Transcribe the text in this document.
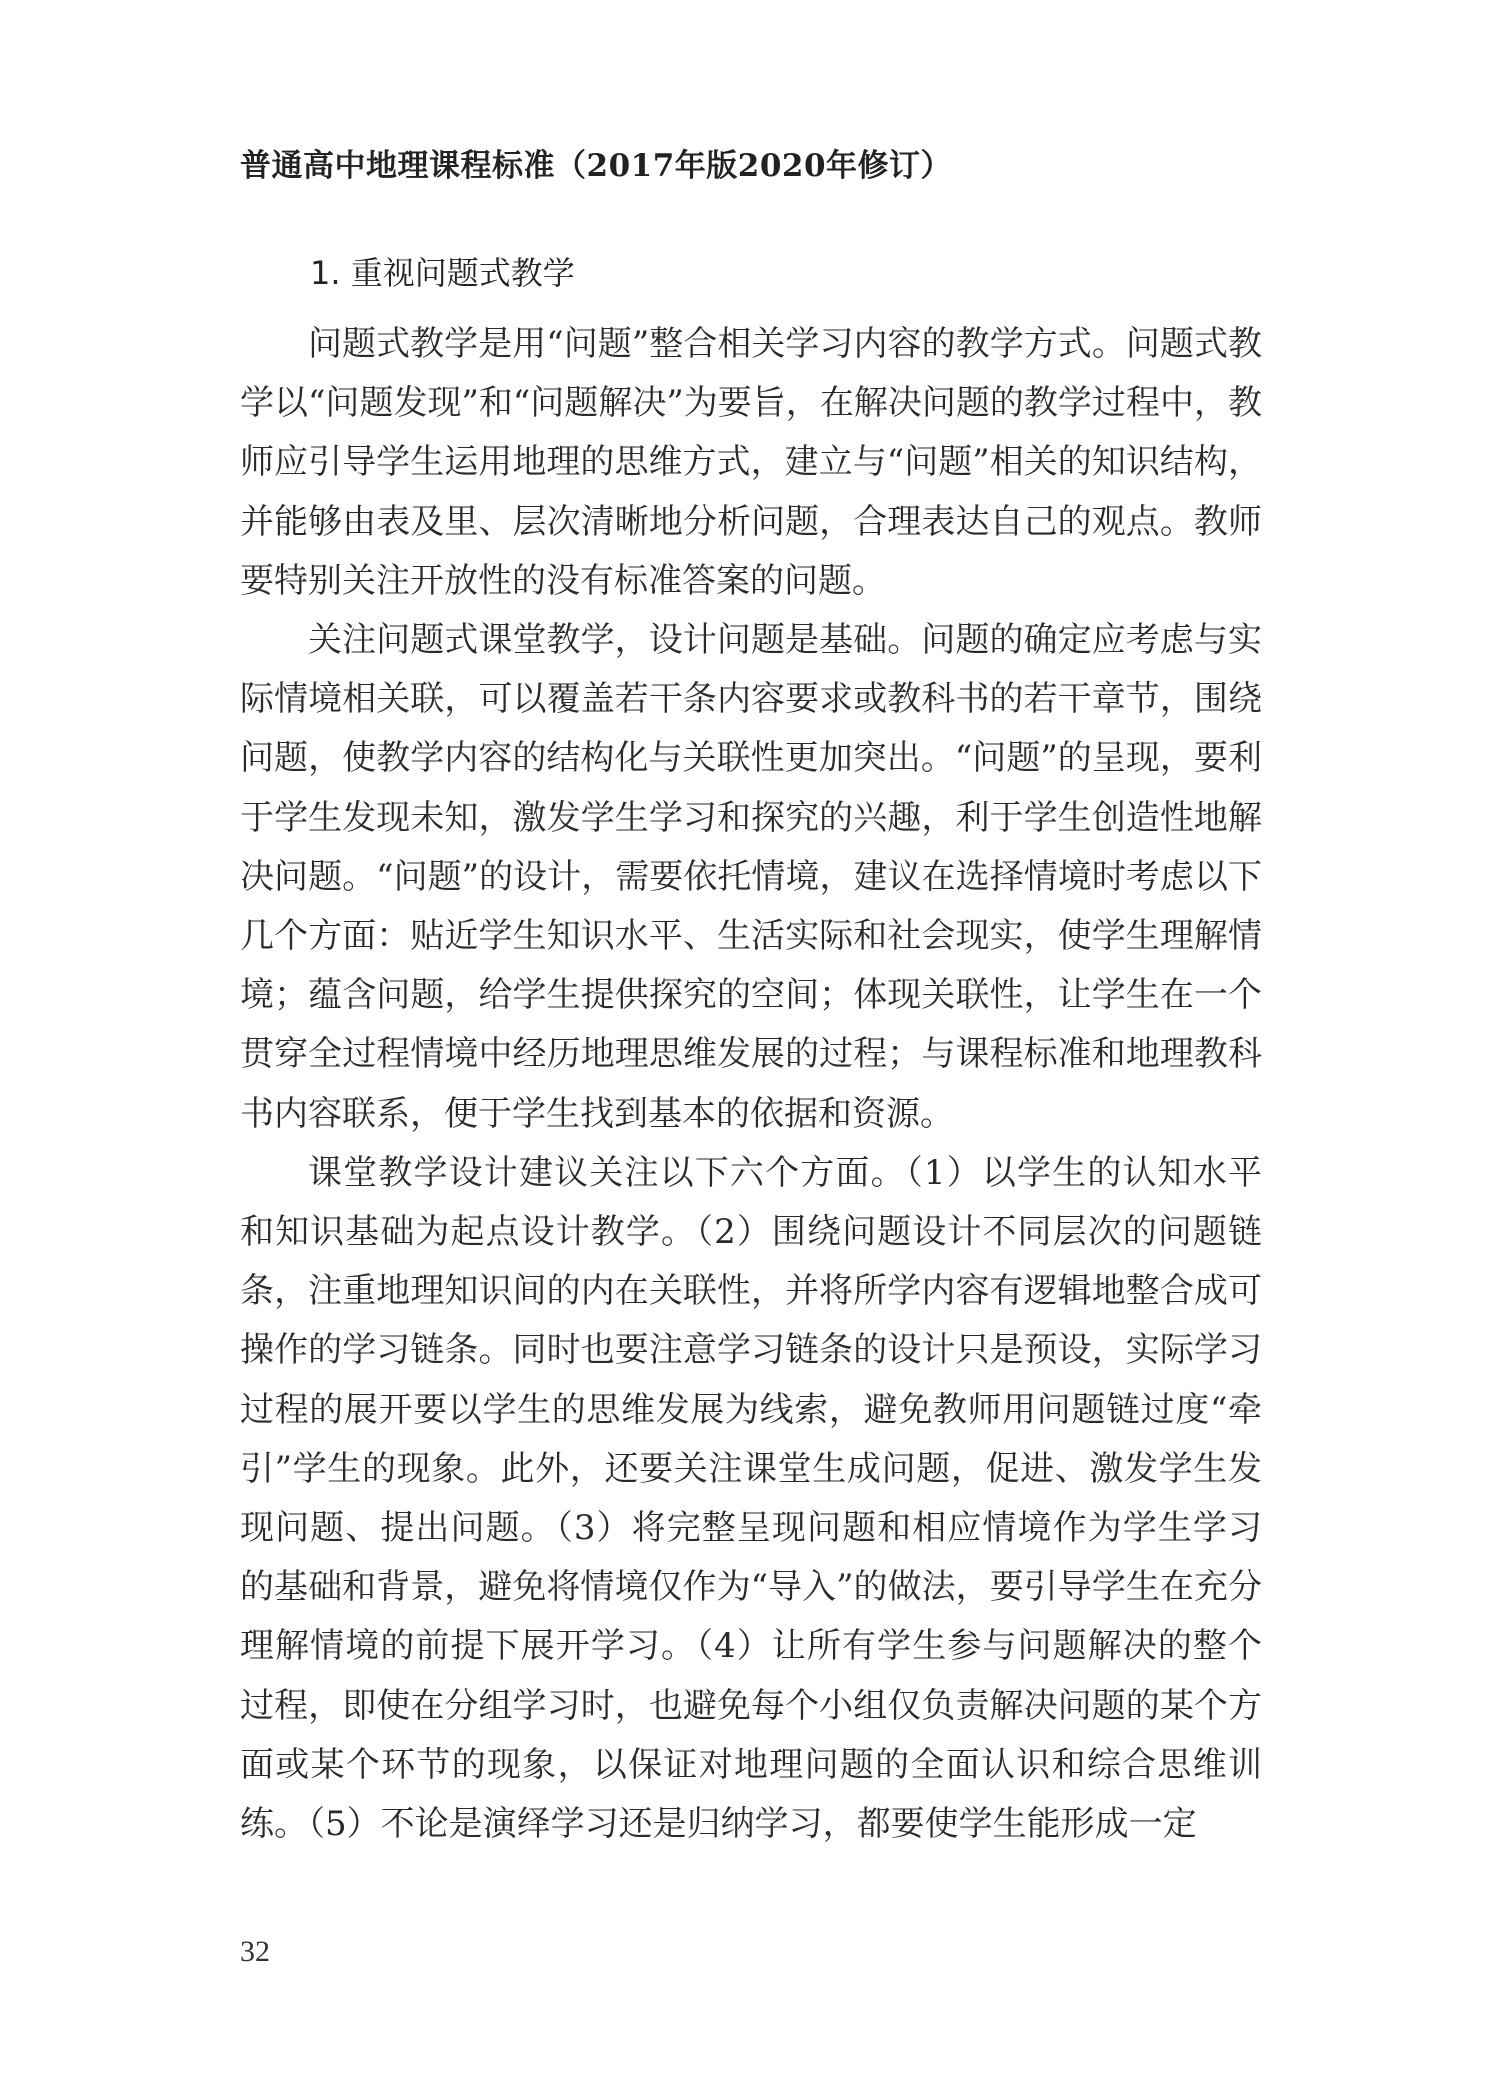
普通高中地理课程标准（2017年版2020年修订）
1. 重视问题式教学

问题式教学是用“问题”整合相关学习内容的教学方式。问题式教学以“问题发现”和“问题解决”为要旨，在解决问题的教学过程中，教师应引导学生运用地理的思维方式，建立与“问题”相关的知识结构，并能够由表及里、层次清晰地分析问题，合理表达自己的观点。教师要特别关注开放性的没有标准答案的问题。

关注问题式课堂教学，设计问题是基础。问题的确定应考虑与实际情境相关联，可以覆盖若干条内容要求或教科书的若干章节，围绕问题，使教学内容的结构化与关联性更加突出。“问题”的呈现，要利于学生发现未知，激发学生学习和探究的兴趣，利于学生创造性地解决问题。“问题”的设计，需要依托情境，建议在选择情境时考虑以下几个方面：贴近学生知识水平、生活实际和社会现实，使学生理解情境；蕴含问题，给学生提供探究的空间；体现关联性，让学生在一个贯穿全过程情境中经历地理思维发展的过程；与课程标准和地理教科书内容联系，便于学生找到基本的依据和资源。

课堂教学设计建议关注以下六个方面。（1）以学生的认知水平和知识基础为起点设计教学。（2）围绕问题设计不同层次的问题链条，注重地理知识间的内在关联性，并将所学内容有逻辑地整合成可操作的学习链条。同时也要注意学习链条的设计只是预设，实际学习过程的展开要以学生的思维发展为线索，避免教师用问题链过度“牵引”学生的现象。此外，还要关注课堂生成问题，促进、激发学生发现问题、提出问题。（3）将完整呈现问题和相应情境作为学生学习的基础和背景，避免将情境仅作为“导入”的做法，要引导学生在充分理解情境的前提下展开学习。（4）让所有学生参与问题解决的整个过程，即使在分组学习时，也避免每个小组仅负责解决问题的某个方面或某个环节的现象，以保证对地理问题的全面认识和综合思维训练。（5）不论是演绎学习还是归纳学习，都要使学生能形成一定

32
